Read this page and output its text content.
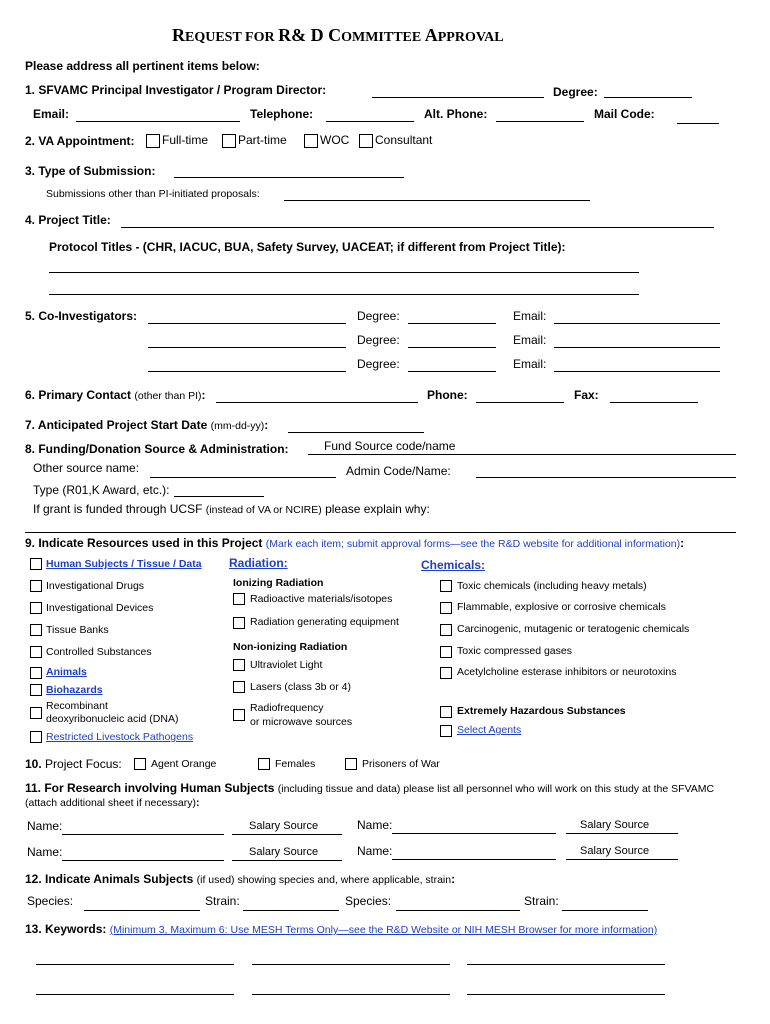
REQUEST FOR R& D COMMITTEE APPROVAL
Please address all pertinent items below:
1. SFVAMC Principal Investigator / Program Director:	Degree:
Email:	Telephone:	Alt. Phone:	Mail Code:
2. VA Appointment: Full-time Part-time	WOC Consultant
3. Type of Submission:
Submissions other than PI-initiated proposals:
4. Project Title:
Protocol Titles - (CHR, IACUC, BUA, Safety Survey, UACEAT; if different from Project Title):
5. Co-Investigators:	Degree:	Email:
Degree:	Email:
Degree:	Email:
6. Primary Contact (other than PI):	Phone:	Fax:
7. Anticipated Project Start Date (mm-dd-yy):
8. Funding/Donation Source & Administration:	Fund Source code/name
Other source name:	Admin Code/Name:
Type (R01,K Award, etc.):
If grant is funded through UCSF (instead of VA or NCIRE) please explain why:
9. Indicate Resources used in this Project (Mark each item; submit approval forms—see the R&D website for additional information):
Human Subjects / Tissue / Data
Investigational Drugs
Investigational Devices
Tissue Banks
Controlled Substances
Animals
Biohazards
Recombinant
deoxyribonucleic acid (DNA)
Restricted Livestock Pathogens
Radiation:
Ionizing Radiation
Radioactive materials/isotopes
Radiation generating equipment
Non-ionizing Radiation
Ultraviolet Light
Lasers (class 3b or 4)
Radiofrequency
or microwave sources
Chemicals:
Toxic chemicals (including heavy metals)
Flammable, explosive or corrosive chemicals
Carcinogenic, mutagenic or teratogenic chemicals
Toxic compressed gases
Acetylcholine esterase inhibitors or neurotoxins
Extremely Hazardous Substances
Select Agents
10. Project Focus:	Agent Orange	Females	Prisoners of War
11. For Research involving Human Subjects (including tissue and data) please list all personnel who will work on this study at the SFVAMC
(attach additional sheet if necessary):
Name:	Salary Source	Name:	Salary Source
Name:	Salary Source	Name:	Salary Source
12. Indicate Animals Subjects (if used) showing species and, where applicable, strain:
Species:	Strain:	Species:	Strain:
13. Keywords: (Minimum 3, Maximum 6: Use MESH Terms Only—see the R&D Website or NIH MESH Browser for more information)
